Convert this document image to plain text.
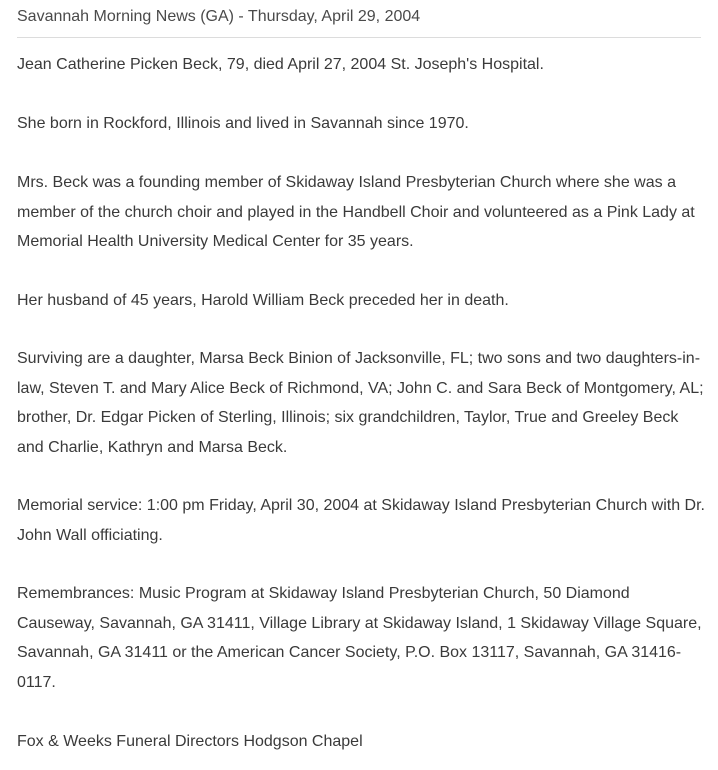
Savannah Morning News (GA) - Thursday, April 29, 2004

Jean Catherine Picken Beck, 79, died April 27, 2004 St. Joseph's Hospital.

She born in Rockford, Illinois and lived in Savannah since 1970.

Mrs. Beck was a founding member of Skidaway Island Presbyterian Church where she was a member of the church choir and played in the Handbell Choir and volunteered as a Pink Lady at Memorial Health University Medical Center for 35 years.

Her husband of 45 years, Harold William Beck preceded her in death.

Surviving are a daughter, Marsa Beck Binion of Jacksonville, FL; two sons and two daughters-in-law, Steven T. and Mary Alice Beck of Richmond, VA; John C. and Sara Beck of Montgomery, AL; brother, Dr. Edgar Picken of Sterling, Illinois; six grandchildren, Taylor, True and Greeley Beck and Charlie, Kathryn and Marsa Beck.

Memorial service: 1:00 pm Friday, April 30, 2004 at Skidaway Island Presbyterian Church with Dr. John Wall officiating.

Remembrances: Music Program at Skidaway Island Presbyterian Church, 50 Diamond Causeway, Savannah, GA 31411, Village Library at Skidaway Island, 1 Skidaway Village Square, Savannah, GA 31411 or the American Cancer Society, P.O. Box 13117, Savannah, GA 31416-0117.

Fox & Weeks Funeral Directors Hodgson Chapel
